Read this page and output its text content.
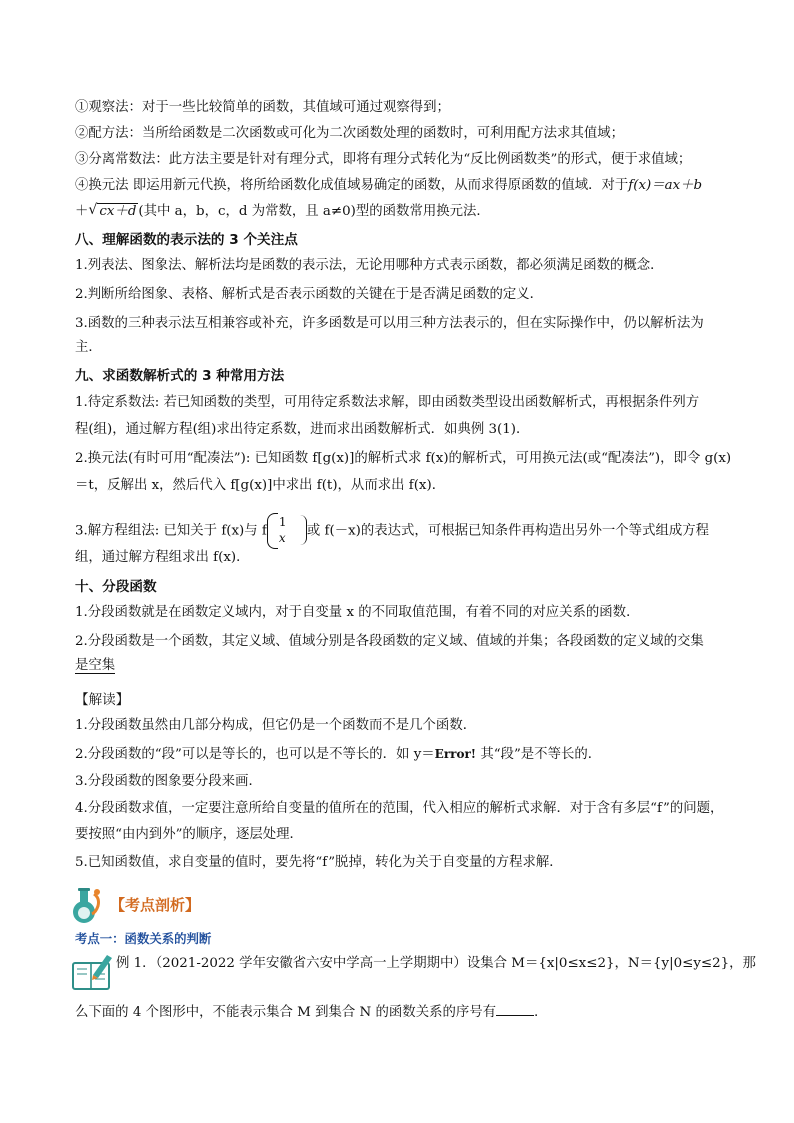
①观察法：对于一些比较简单的函数，其值域可通过观察得到；
②配方法：当所给函数是二次函数或可化为二次函数处理的函数时，可利用配方法求其值域；
③分离常数法：此方法主要是针对有理分式，即将有理分式转化为“反比例函数类”的形式，便于求值域；
④换元法 即运用新元代换，将所给函数化成值域易确定的函数，从而求得原函数的值域．对于f(x)＝ax＋b
＋√ cx＋d (其中 a，b，c，d 为常数，且 a≠0)型的函数常用换元法．
八、理解函数的表示法的 3 个关注点
1.列表法、图象法、解析法均是函数的表示法，无论用哪种方式表示函数，都必须满足函数的概念．
2.判断所给图象、表格、解析式是否表示函数的关键在于是否满足函数的定义．
3.函数的三种表示法互相兼容或补充，许多函数是可以用三种方法表示的，但在实际操作中，仍以解析法为
主．
九、求函数解析式的 3 种常用方法
1.待定系数法: 若已知函数的类型，可用待定系数法求解，即由函数类型设出函数解析式，再根据条件列方
程(组)，通过解方程(组)求出待定系数，进而求出函数解析式．如典例 3(1)．
2.换元法(有时可用“配凑法”): 已知函数 f[g(x)]的解析式求 f(x)的解析式，可用换元法(或“配凑法”)，即令 g(x)
＝t，反解出 x，然后代入 f[g(x)]中求出 f(t)，从而求出 f(x)．
3.解方程组法: 已知关于 f(x)与 f
1
x 或 f(－x)的表达式，可根据已知条件再构造出另外一个等式组成方程
组，通过解方程组求出 f(x)．
十、分段函数
1.分段函数就是在函数定义域内，对于自变量 x 的不同取值范围，有着不同的对应关系的函数．
2.分段函数是一个函数，其定义域、值域分别是各段函数的定义域、值域的并集；各段函数的定义域的交集
是空集
【解读】
1.分段函数虽然由几部分构成，但它仍是一个函数而不是几个函数．
2.分段函数的“段”可以是等长的，也可以是不等长的．如 y＝Error! 其“段”是不等长的．
3.分段函数的图象要分段来画．
4.分段函数求值，一定要注意所给自变量的值所在的范围，代入相应的解析式求解．对于含有多层“f”的问题，
要按照“由内到外”的顺序，逐层处理．
5.已知函数值，求自变量的值时，要先将“f”脱掉，转化为关于自变量的方程求解．
【考点剖析】
考点一：函数关系的判断
例 1．（2021-2022 学年安徽省六安中学高一上学期期中）设集合 M＝{x|0≤x≤2}，N＝{y|0≤y≤2}，那
么下面的 4 个图形中，不能表示集合 M 到集合 N 的函数关系的序号有	.
